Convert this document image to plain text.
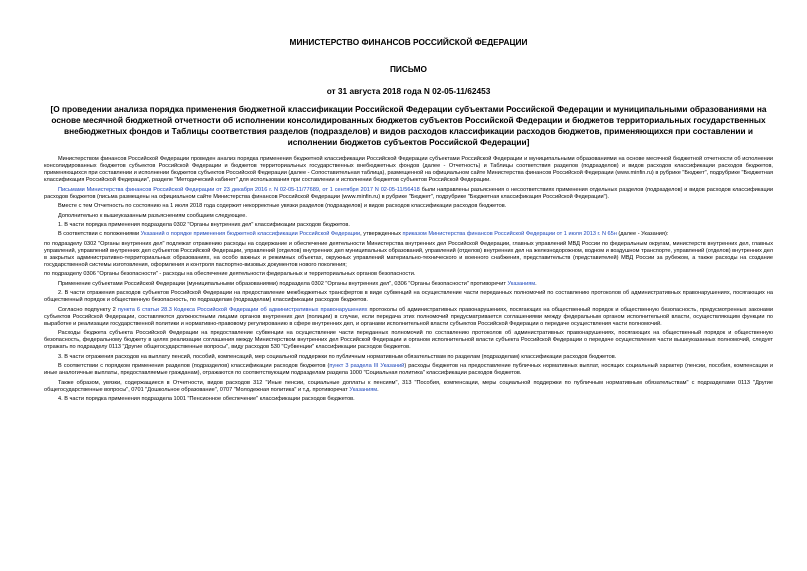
МИНИСТЕРСТВО ФИНАНСОВ РОССИЙСКОЙ ФЕДЕРАЦИИ
ПИСЬМО
от 31 августа 2018 года N 02-05-11/62453
[О проведении анализа порядка применения бюджетной классификации Российской Федерации субъектами Российской Федерации и муниципальными образованиями на основе месячной бюджетной отчетности об исполнении консолидированных бюджетов субъектов Российской Федерации и бюджетов территориальных государственных внебюджетных фондов и Таблицы соответствия разделов (подразделов) и видов расходов классификации расходов бюджетов, применяющихся при составлении и исполнении бюджетов субъектов Российской Федерации]

Министерством финансов Российской Федерации проведен анализ порядка применения бюджетной классификации Российской Федерации субъектами Российской Федерации и муниципальными образованиями на основе месячной бюджетной отчетности об исполнении консолидированных бюджетов субъектов Российской Федерации и бюджетов территориальных государственных внебюджетных фондов (далее - Отчетность) и Таблицы соответствия разделов (подразделов) и видов расходов классификации расходов бюджетов, применяющихся при составлении и исполнении бюджетов субъектов Российской Федерации (далее - Сопоставительная таблица), размещенной на официальном сайте Министерства финансов Российской Федерации (www.minfin.ru) в рубрике "Бюджет", подрубрике "Бюджетная классификация Российской Федерации", разделе "Методический кабинет" для использования при составлении и исполнении бюджетов субъектов Российской Федерации.

Письмами Министерства финансов Российской Федерации от 23 декабря 2016 г. N 02-05-11/77689, от 1 сентября 2017 N 02-05-11/56418 были направлены разъяснения о несоответствиях применения отдельных разделов (подразделов) и видов расходов классификации расходов бюджетов (письма размещены на официальном сайте Министерства финансов Российской Федерации (www.minfin.ru) в рубрике "Бюджет", подрубрике "Бюджетная классификация Российской Федерации").

Вместе с тем Отчетность по состоянию на 1 июля 2018 года содержит некорректные увязки разделов (подразделов) и видов расходов классификации расходов бюджетов.

Дополнительно к вышеуказанным разъяснениям сообщаем следующее.

1. В части порядка применения подраздела 0302 "Органы внутренних дел" классификации расходов бюджетов.

В соответствии с положениями Указаний о порядке применения бюджетной классификации Российской Федерации, утвержденных приказом Министерства финансов Российской Федерации от 1 июля 2013 г. N 65н (далее - Указания):

по подразделу 0302 "Органы внутренних дел" подлежат отражению расходы на содержание и обеспечение деятельности Министерства внутренних дел Российской Федерации, главных управлений МВД России по федеральным округам, министерств внутренних дел, главных управлений, управлений внутренних дел субъектов Российской Федерации, управлений (отделов) внутренних дел муниципальных образований, управлений (отделов) внутренних дел на железнодорожном, водном и воздушном транспорте, управлений (отделов) внутренних дел в закрытых административно-территориальных образованиях, на особо важных и режимных объектах, окружных управлений материально-технического и военного снабжения, представительств (представителей) МВД России за рубежом, а также расходы на создание государственной системы изготовления, оформления и контроля паспортно-визовых документов нового поколения;

по подразделу 0306 "Органы безопасности" - расходы на обеспечение деятельности федеральных и территориальных органов безопасности.

Применение субъектами Российской Федерации (муниципальными образованиями) подраздела 0302 "Органы внутренних дел", 0306 "Органы безопасности" противоречит Указаниям.

2. В части отражения расходов субъектов Российской Федерации на предоставление межбюджетных трансфертов в виде субвенций на осуществление части переданных полномочий по составлению протоколов об административных правонарушениях, посягающих на общественный порядок и общественную безопасность, по подразделам (подразделам) классификации расходов бюджетов.

Согласно подпункту 2 пункта 6 статьи 28.3 Кодекса Российской Федерации об административных правонарушениях протоколы об административных правонарушениях, посягающих на общественный порядок и общественную безопасность, предусмотренных законами субъектов Российской Федерации, составляются должностными лицами органов внутренних дел (полиции) в случае, если передача этих полномочий предусматривается соглашениями между федеральным органом исполнительной власти, осуществляющим функции по выработке и реализации государственной политики и нормативно-правовому регулированию в сфере внутренних дел, и органами исполнительной власти субъектов Российской Федерации о передаче осуществления части полномочий.

Расходы бюджета субъекта Российской Федерации на предоставление субвенции на осуществление части переданных полномочий по составлению протоколов об административных правонарушениях, посягающих на общественный порядок и общественную безопасность, федеральному бюджету в целях реализации соглашения между Министерством внутренних дел Российской Федерации и органом исполнительной власти субъекта Российской Федерации о передаче осуществления части вышеуказанных полномочий, следует отражать по подразделу 0113 "Другие общегосударственные вопросы", виду расходов 530 "Субвенции" классификации расходов бюджетов.

3. В части отражения расходов на выплату пенсий, пособий, компенсаций, мер социальной поддержки по публичным нормативным обязательствам по разделам (подразделам) классификации расходов бюджетов.

В соответствии с порядком применения разделов (подразделов) классификации расходов бюджетов (пункт 3 раздела III Указаний) расходы бюджетов на предоставление публичных нормативных выплат, носящих социальный характер (пенсии, пособия, компенсации и иные аналогичные выплаты, предоставляемые гражданам), отражаются по соответствующим подразделам раздела 1000 "Социальная политика" классификации расходов бюджетов.

Также образом, увязки, содержащиеся в Отчетности, видов расходов 312 "Иные пенсии, социальные доплаты к пенсиям", 313 "Пособия, компенсации, меры социальной поддержки по публичным нормативным обязательствам" с подразделами 0113 "Другие общегосударственные вопросы", 0701 "Дошкольное образование", 0707 "Молодежная политика" и т.д. противоречат Указаниям.

4. В части порядка применения подраздела 1001 "Пенсионное обеспечение" классификации расходов бюджетов.
